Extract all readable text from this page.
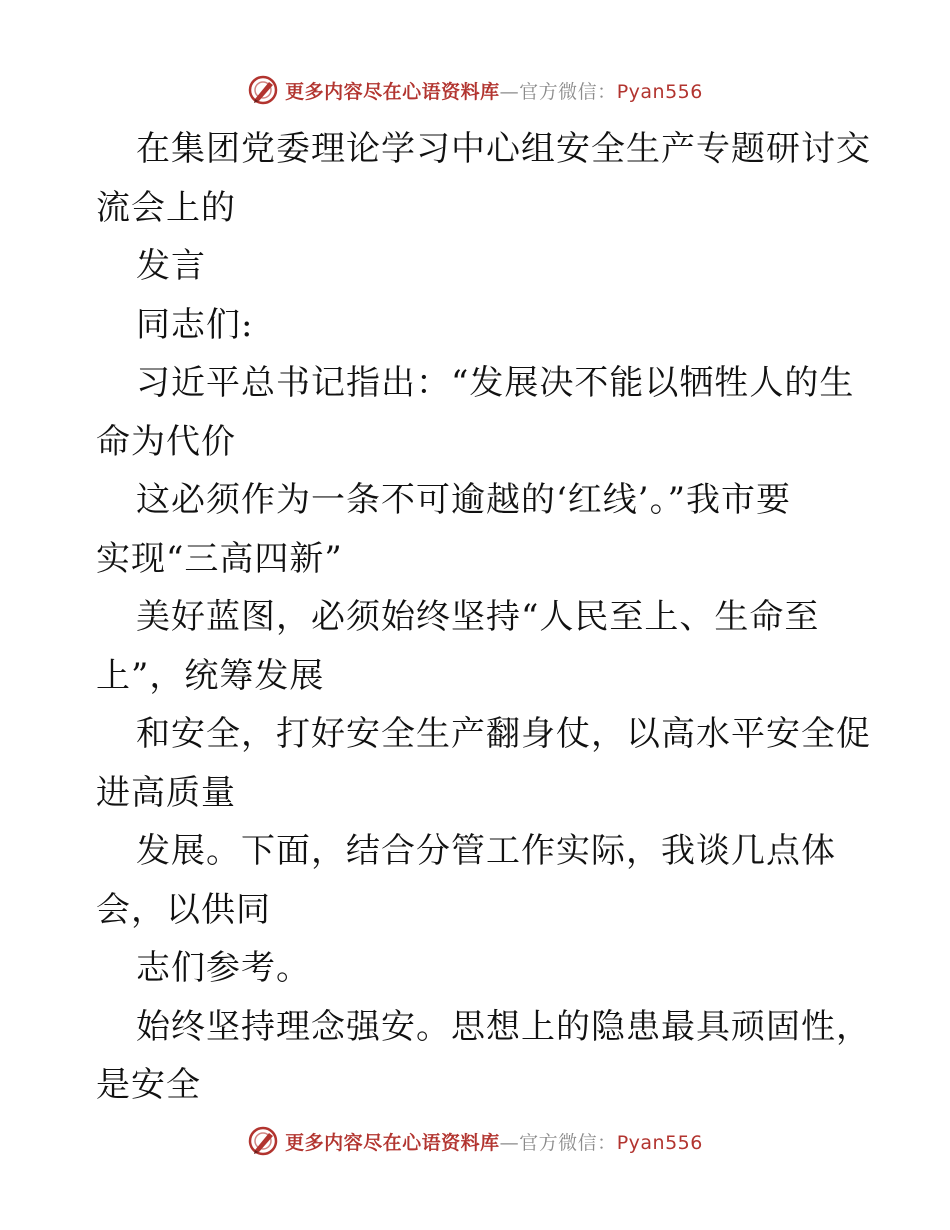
更多内容尽在心语资料库—官方微信：Pyan556
在集团党委理论学习中心组安全生产专题研讨交
流会上的
发言
同志们:
习近平总书记指出：“发展决不能以牺牲人的生
命为代价
这必须作为一条不可逾越的‘红线’。”我市要
实现“三高四新”
美好蓝图，必须始终坚持“人民至上、生命至
上”，统筹发展
和安全，打好安全生产翻身仗，以高水平安全促
进高质量
发展。下面，结合分管工作实际，我谈几点体
会，以供同
志们参考。
始终坚持理念强安。思想上的隐患最具顽固性，
是安全
更多内容尽在心语资料库—官方微信：Pyan556
